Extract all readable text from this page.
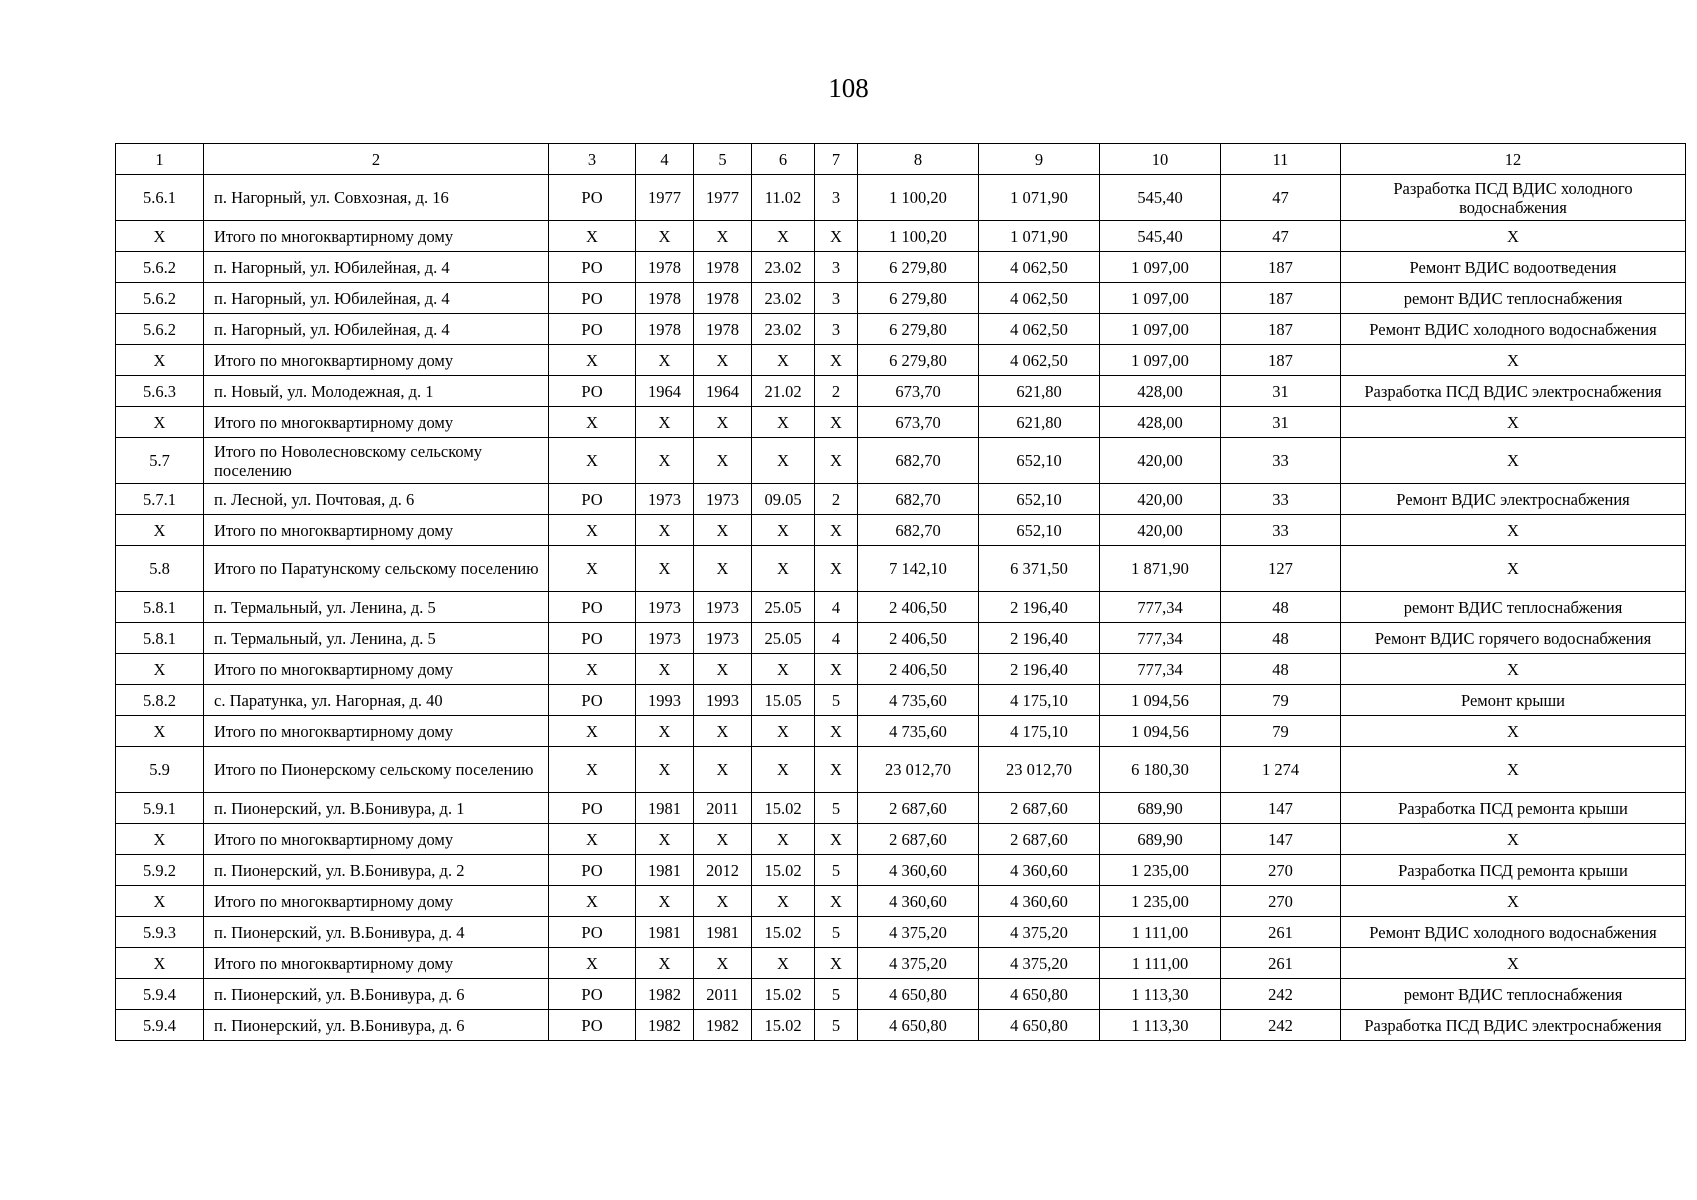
108
1	2	3	4	5	6	7	8	9	10	11	12
5.6.1	п. Нагорный, ул. Совхозная, д. 16	РО	1977	1977	11.02	3	1 100,20	1 071,90	545,40	47	Разработка ПСД ВДИС холодного водоснабжения
Х	Итого по многоквартирному дому	Х	Х	Х	Х	Х	1 100,20	1 071,90	545,40	47	Х
5.6.2	п. Нагорный, ул. Юбилейная, д. 4	РО	1978	1978	23.02	3	6 279,80	4 062,50	1 097,00	187	Ремонт ВДИС водоотведения
5.6.2	п. Нагорный, ул. Юбилейная, д. 4	РО	1978	1978	23.02	3	6 279,80	4 062,50	1 097,00	187	ремонт ВДИС теплоснабжения
5.6.2	п. Нагорный, ул. Юбилейная, д. 4	РО	1978	1978	23.02	3	6 279,80	4 062,50	1 097,00	187	Ремонт ВДИС холодного водоснабжения
Х	Итого по многоквартирному дому	Х	Х	Х	Х	Х	6 279,80	4 062,50	1 097,00	187	Х
5.6.3	п. Новый, ул. Молодежная, д. 1	РО	1964	1964	21.02	2	673,70	621,80	428,00	31	Разработка ПСД ВДИС электроснабжения
Х	Итого по многоквартирному дому	Х	Х	Х	Х	Х	673,70	621,80	428,00	31	Х
5.7	Итого по Новолесновскому сельскому поселению	Х	Х	Х	Х	Х	682,70	652,10	420,00	33	Х
5.7.1	п. Лесной, ул. Почтовая, д. 6	РО	1973	1973	09.05	2	682,70	652,10	420,00	33	Ремонт ВДИС электроснабжения
Х	Итого по многоквартирному дому	Х	Х	Х	Х	Х	682,70	652,10	420,00	33	Х
5.8	Итого по Паратунскому сельскому поселению	Х	Х	Х	Х	Х	7 142,10	6 371,50	1 871,90	127	Х
5.8.1	п. Термальный, ул. Ленина, д. 5	РО	1973	1973	25.05	4	2 406,50	2 196,40	777,34	48	ремонт ВДИС теплоснабжения
5.8.1	п. Термальный, ул. Ленина, д. 5	РО	1973	1973	25.05	4	2 406,50	2 196,40	777,34	48	Ремонт ВДИС горячего водоснабжения
Х	Итого по многоквартирному дому	Х	Х	Х	Х	Х	2 406,50	2 196,40	777,34	48	Х
5.8.2	с. Паратунка, ул. Нагорная, д. 40	РО	1993	1993	15.05	5	4 735,60	4 175,10	1 094,56	79	Ремонт крыши
Х	Итого по многоквартирному дому	Х	Х	Х	Х	Х	4 735,60	4 175,10	1 094,56	79	Х
5.9	Итого по Пионерскому сельскому поселению	Х	Х	Х	Х	Х	23 012,70	23 012,70	6 180,30	1 274	Х
5.9.1	п. Пионерский, ул. В.Бонивура, д. 1	РО	1981	2011	15.02	5	2 687,60	2 687,60	689,90	147	Разработка ПСД ремонта крыши
Х	Итого по многоквартирному дому	Х	Х	Х	Х	Х	2 687,60	2 687,60	689,90	147	Х
5.9.2	п. Пионерский, ул. В.Бонивура, д. 2	РО	1981	2012	15.02	5	4 360,60	4 360,60	1 235,00	270	Разработка ПСД ремонта крыши
Х	Итого по многоквартирному дому	Х	Х	Х	Х	Х	4 360,60	4 360,60	1 235,00	270	Х
5.9.3	п. Пионерский, ул. В.Бонивура, д. 4	РО	1981	1981	15.02	5	4 375,20	4 375,20	1 111,00	261	Ремонт ВДИС холодного водоснабжения
Х	Итого по многоквартирному дому	Х	Х	Х	Х	Х	4 375,20	4 375,20	1 111,00	261	Х
5.9.4	п. Пионерский, ул. В.Бонивура, д. 6	РО	1982	2011	15.02	5	4 650,80	4 650,80	1 113,30	242	ремонт ВДИС теплоснабжения
5.9.4	п. Пионерский, ул. В.Бонивура, д. 6	РО	1982	1982	15.02	5	4 650,80	4 650,80	1 113,30	242	Разработка ПСД ВДИС электроснабжения
